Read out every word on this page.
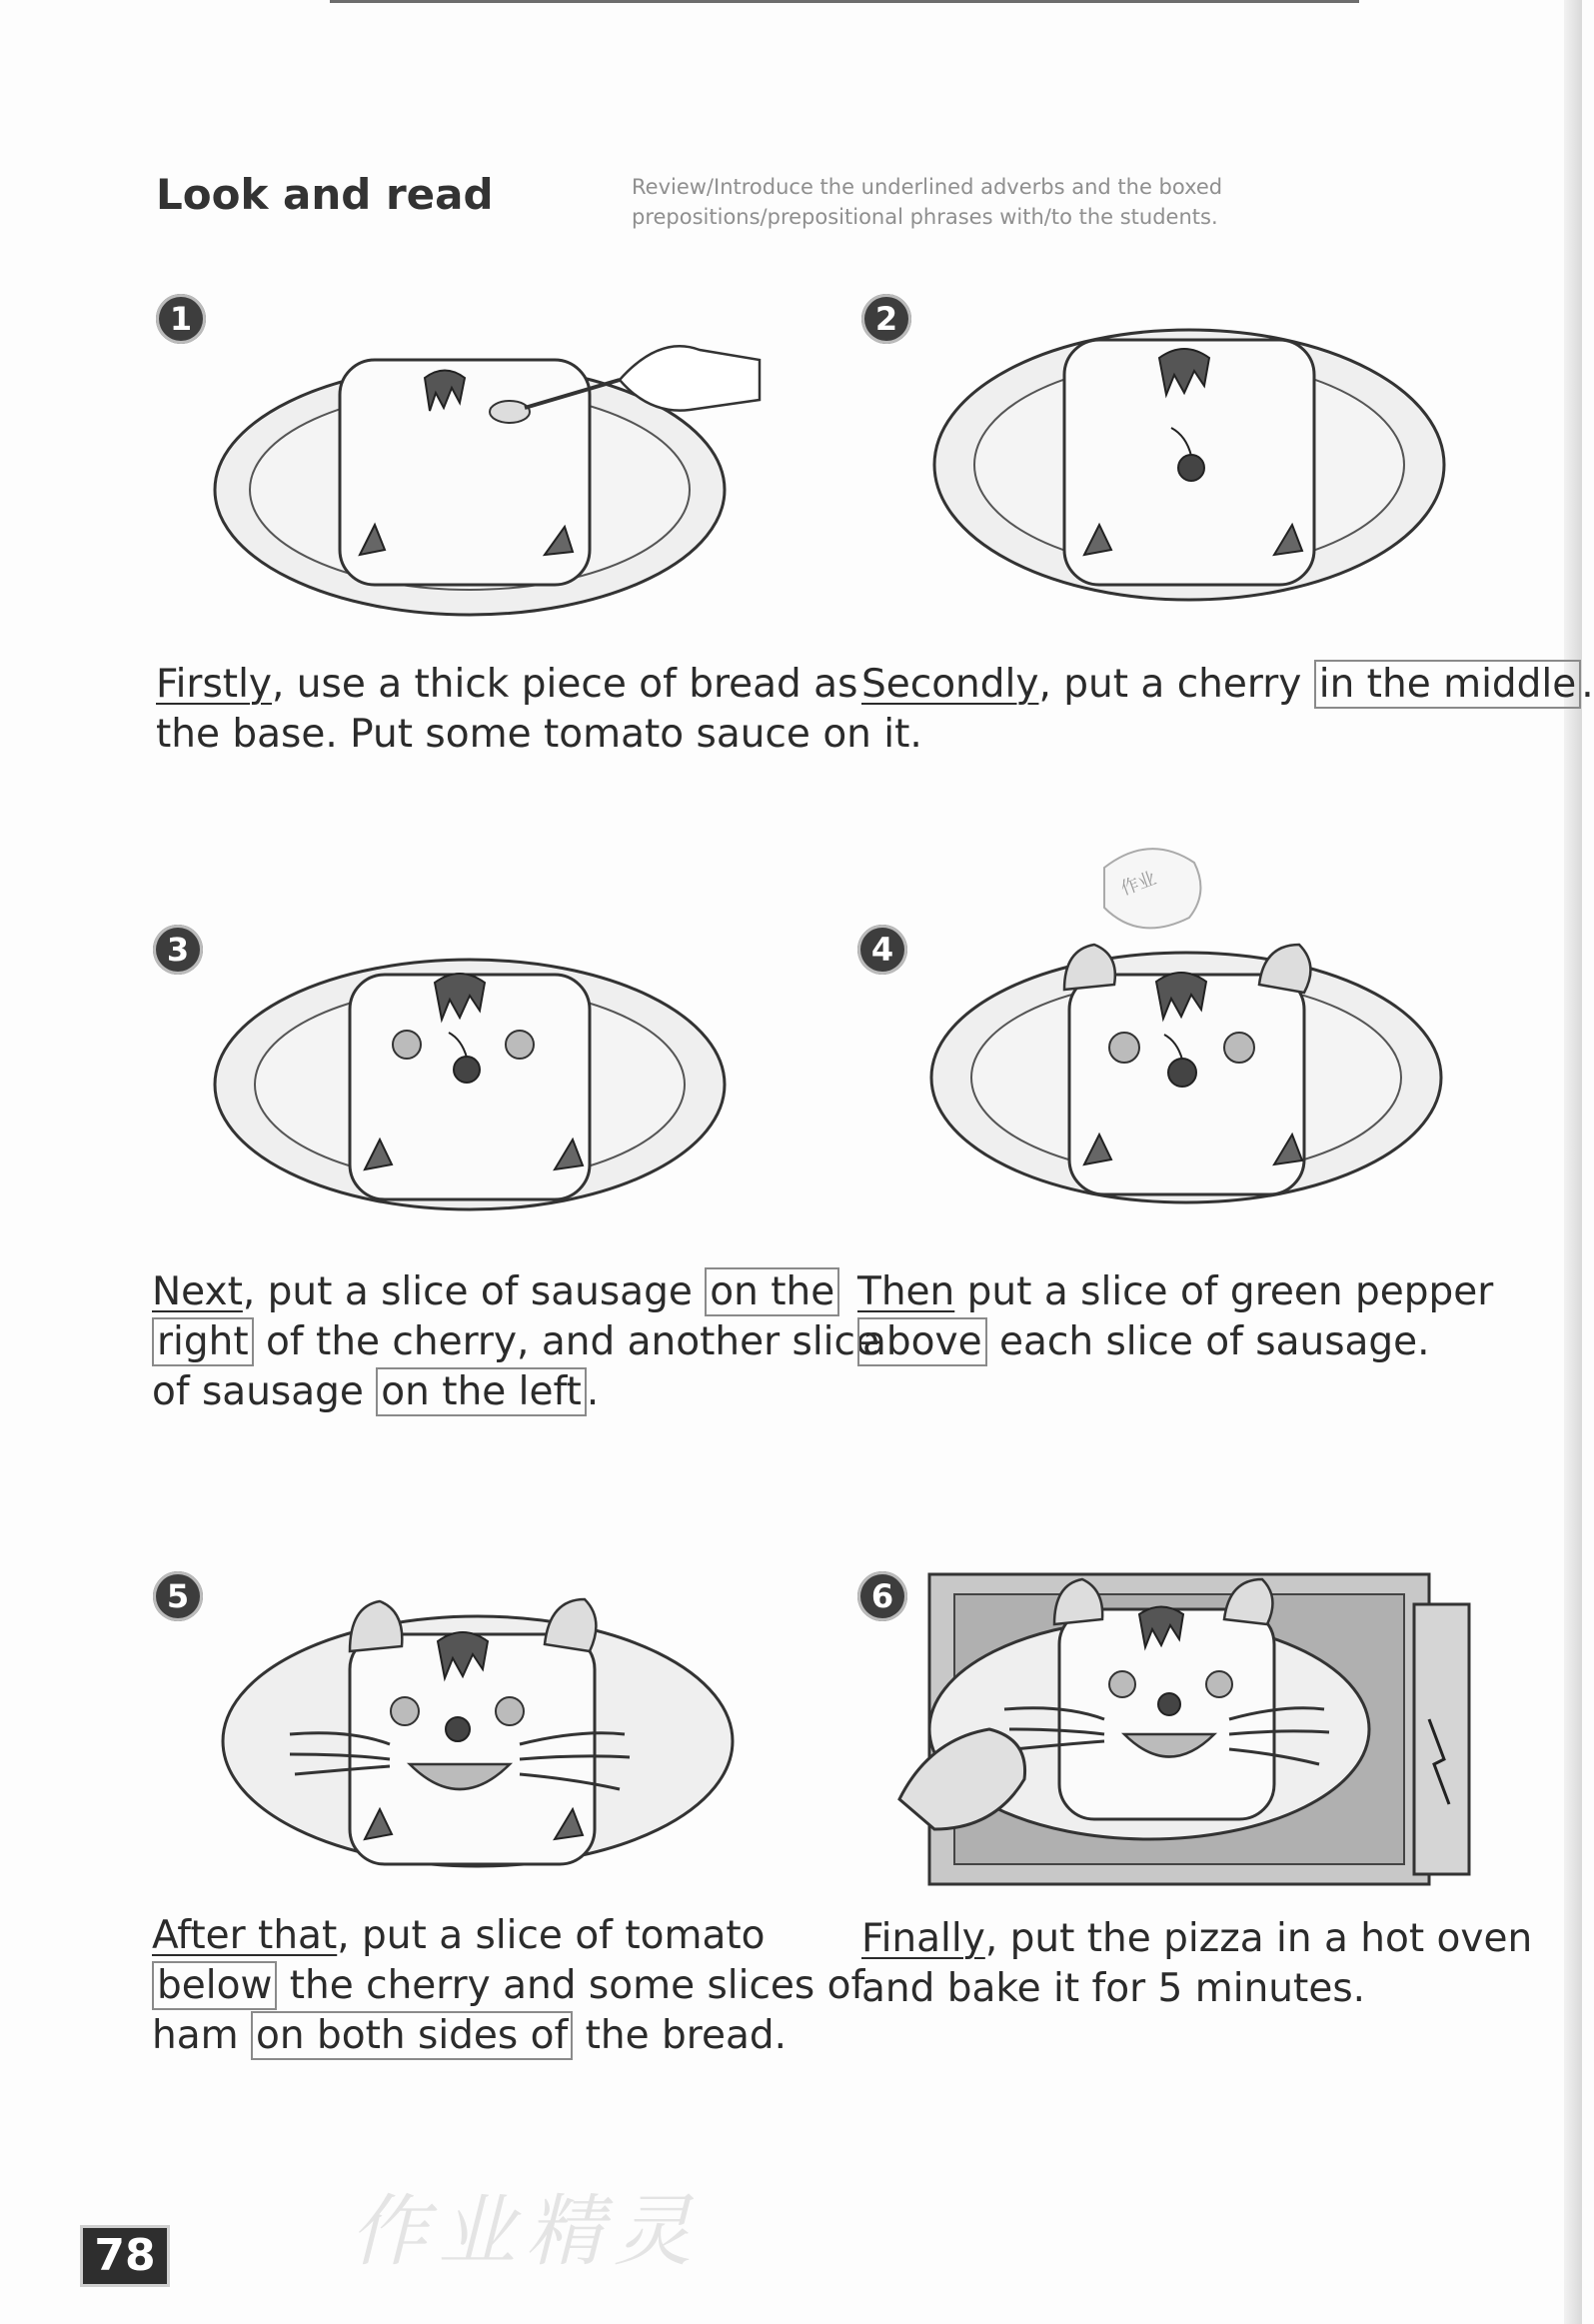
Look and read	Review/Introduce the underlined adverbs and the boxed
prepositions/prepositional phrases with/to the students.
1
Firstly, use a thick piece of bread as
the base. Put some tomato sauce on it.
2
Secondly, put a cherry in the middle .
3
Next, put a slice of sausage on the
right of the cherry, and another slice
of sausage on the left .
4
作业
Then put a slice of green pepper
above each slice of sausage.
5
After that, put a slice of tomato
below the cherry and some slices of
ham on both sides of the bread.
6
Finally, put the pizza in a hot oven
and bake it for 5 minutes.
作业精灵
78
